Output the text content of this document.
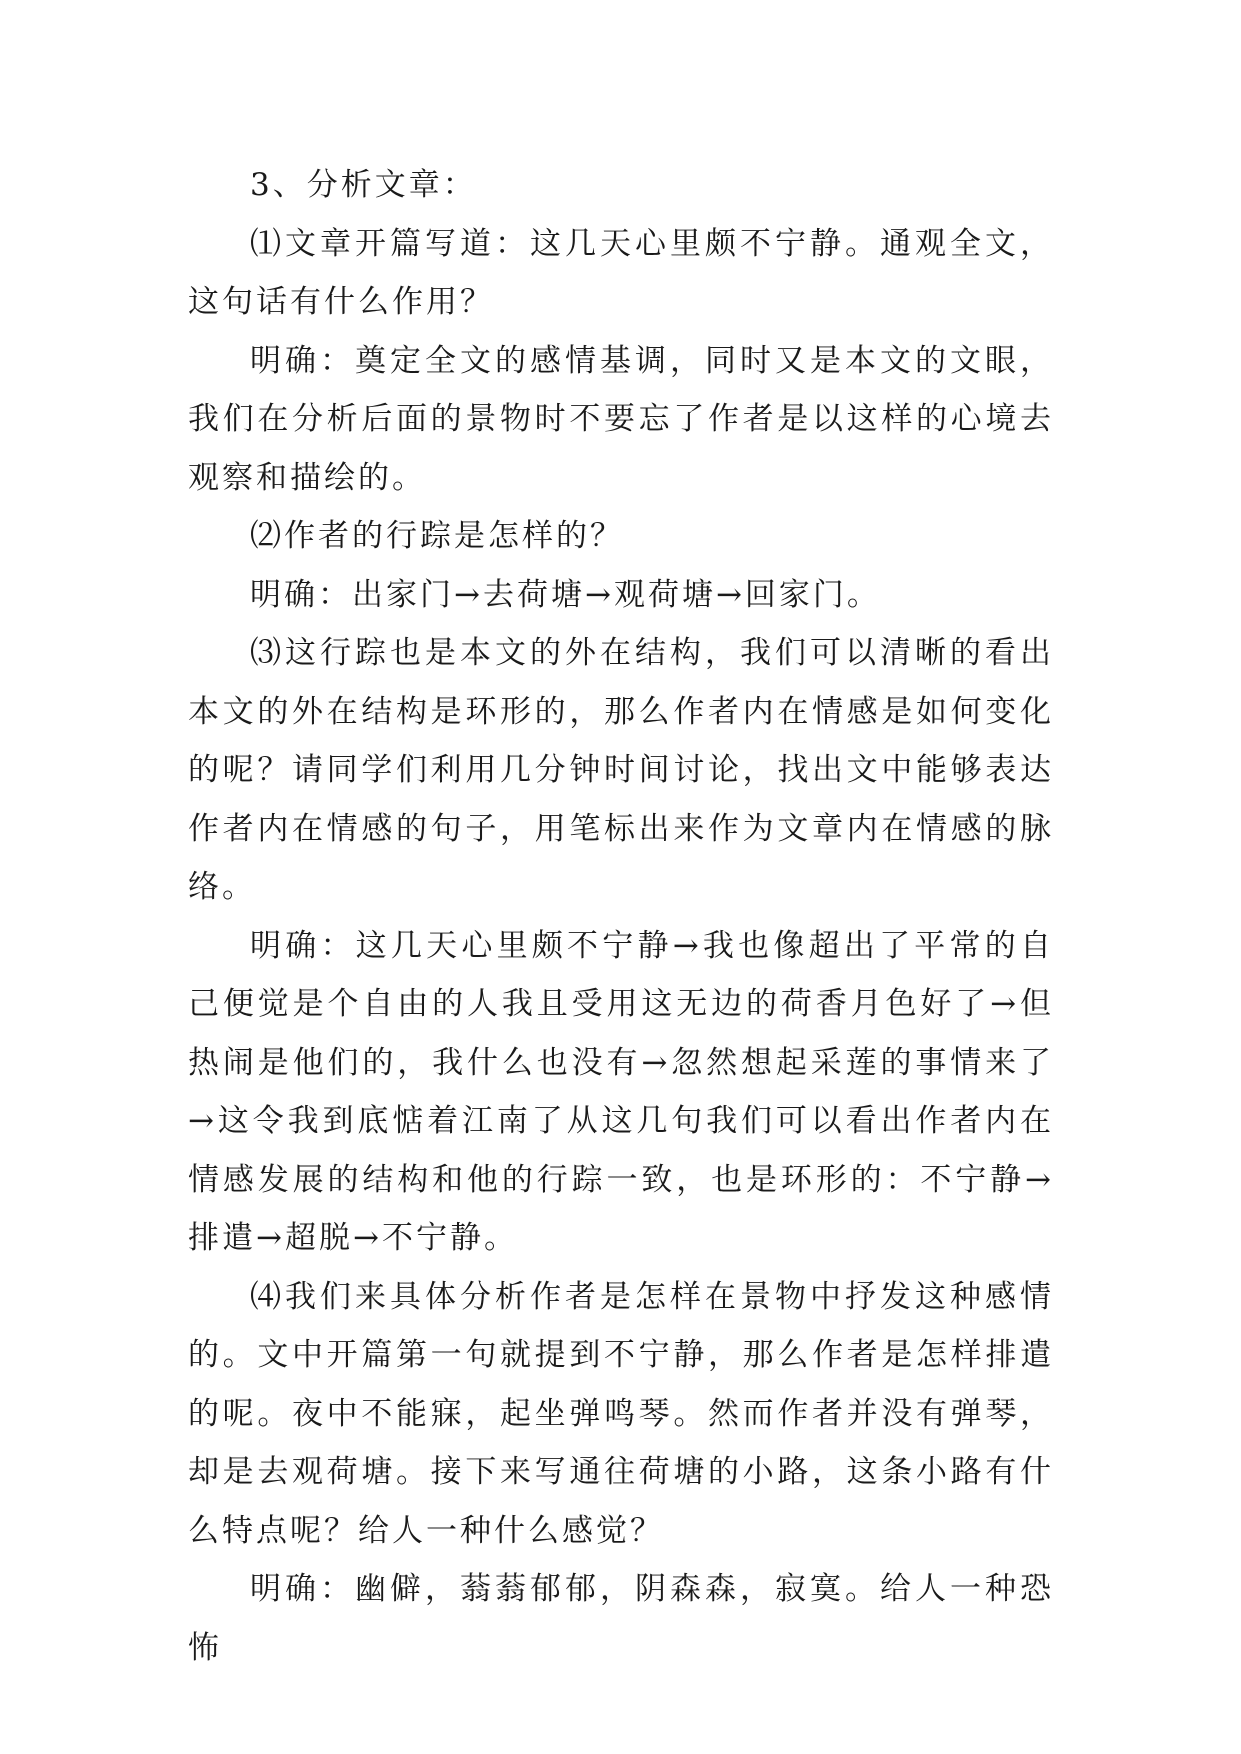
3、分析文章：

⑴文章开篇写道：这几天心里颇不宁静。通观全文，这句话有什么作用？

明确：奠定全文的感情基调，同时又是本文的文眼，我们在分析后面的景物时不要忘了作者是以这样的心境去观察和描绘的。

⑵作者的行踪是怎样的？

明确：出家门→去荷塘→观荷塘→回家门。

⑶这行踪也是本文的外在结构，我们可以清晰的看出本文的外在结构是环形的，那么作者内在情感是如何变化的呢？请同学们利用几分钟时间讨论，找出文中能够表达作者内在情感的句子，用笔标出来作为文章内在情感的脉络。

明确：这几天心里颇不宁静→我也像超出了平常的自己便觉是个自由的人我且受用这无边的荷香月色好了→但热闹是他们的，我什么也没有→忽然想起采莲的事情来了→这令我到底惦着江南了从这几句我们可以看出作者内在情感发展的结构和他的行踪一致，也是环形的：不宁静→排遣→超脱→不宁静。

⑷我们来具体分析作者是怎样在景物中抒发这种感情的。文中开篇第一句就提到不宁静，那么作者是怎样排遣的呢。夜中不能寐，起坐弹鸣琴。然而作者并没有弹琴，却是去观荷塘。接下来写通往荷塘的小路，这条小路有什么特点呢？给人一种什么感觉？

明确：幽僻，蓊蓊郁郁，阴森森，寂寞。给人一种恐怖
